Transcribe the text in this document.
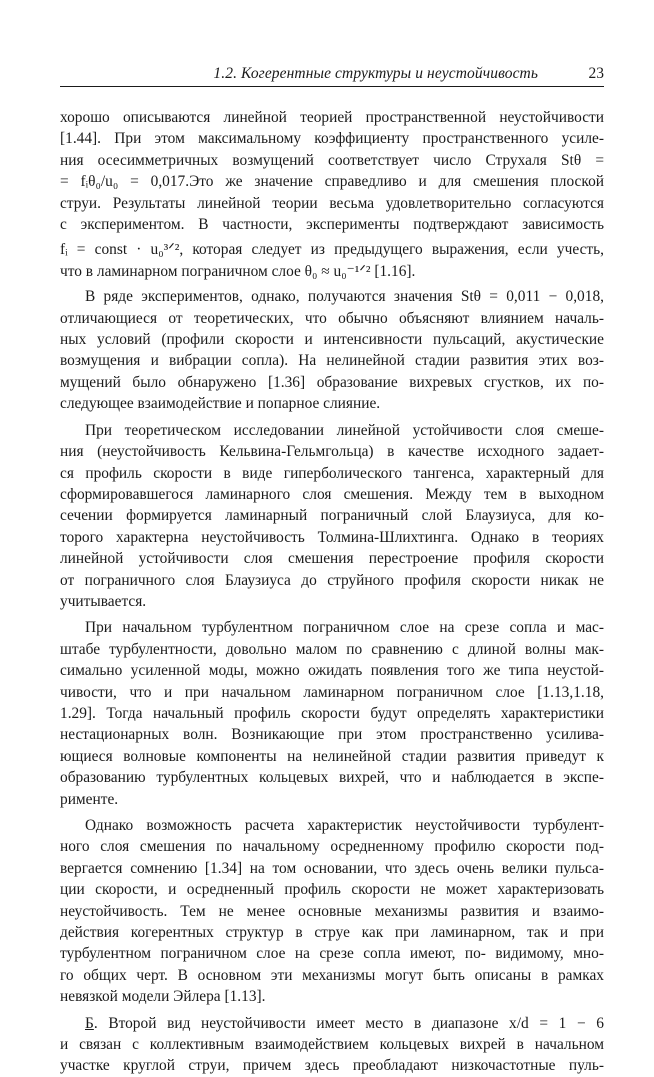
1.2. Когерентные структуры и неустойчивость	23
хорошо описываются линейной теорией пространственной неустойчивости
[1.44]. При этом максимальному коэффициенту пространственного усиле-
ния осесимметричных возмущений соответствует число Струхаля Stθ =
= fᵢθ₀/u₀ = 0,017.Это же значение справедливо и для смешения плоской
струи. Результаты линейной теории весьма удовлетворительно согласуются
с экспериментом. В частности, эксперименты подтверждают зависимость
fᵢ = const · u₀³ᐟ², которая следует из предыдущего выражения, если учесть,
что в ламинарном пограничном слое θ₀ ≈ u₀⁻¹ᐟ² [1.16].
В ряде экспериментов, однако, получаются значения Stθ = 0,011 − 0,018,
отличающиеся от теоретических, что обычно объясняют влиянием началь-
ных условий (профили скорости и интенсивности пульсаций, акустические
возмущения и вибрации сопла). На нелинейной стадии развития этих воз-
мущений было обнаружено [1.36] образование вихревых сгустков, их по-
следующее взаимодействие и попарное слияние.
При теоретическом исследовании линейной устойчивости слоя смеше-
ния (неустойчивость Кельвина-Гельмгольца) в качестве исходного задает-
ся профиль скорости в виде гиперболического тангенса, характерный для
сформировавшегося ламинарного слоя смешения. Между тем в выходном
сечении формируется ламинарный пограничный слой Блаузиуса, для ко-
торого характерна неустойчивость Толмина-Шлихтинга. Однако в теориях
линейной устойчивости слоя смешения перестроение профиля скорости
от пограничного слоя Блаузиуса до струйного профиля скорости никак не
учитывается.
При начальном турбулентном пограничном слое на срезе сопла и мас-
штабе турбулентности, довольно малом по сравнению с длиной волны мак-
симально усиленной моды, можно ожидать появления того же типа неустой-
чивости, что и при начальном ламинарном пограничном слое [1.13,1.18,
1.29]. Тогда начальный профиль скорости будут определять характеристики
нестационарных волн. Возникающие при этом пространственно усилива-
ющиеся волновые компоненты на нелинейной стадии развития приведут к
образованию турбулентных кольцевых вихрей, что и наблюдается в экспе-
рименте.
Однако возможность расчета характеристик неустойчивости турбулент-
ного слоя смешения по начальному осредненному профилю скорости под-
вергается сомнению [1.34] на том основании, что здесь очень велики пульса-
ции скорости, и осредненный профиль скорости не может характеризовать
неустойчивость. Тем не менее основные механизмы развития и взаимо-
действия когерентных структур в струе как при ламинарном, так и при
турбулентном пограничном слое на срезе сопла имеют, по- видимому, мно-
го общих черт. В основном эти механизмы могут быть описаны в рамках
невязкой модели Эйлера [1.13].
Б. Второй вид неустойчивости имеет место в диапазоне x/d = 1 − 6
и связан с коллективным взаимодействием кольцевых вихрей в начальном
участке круглой струи, причем здесь преобладают низкочастотные пуль-
